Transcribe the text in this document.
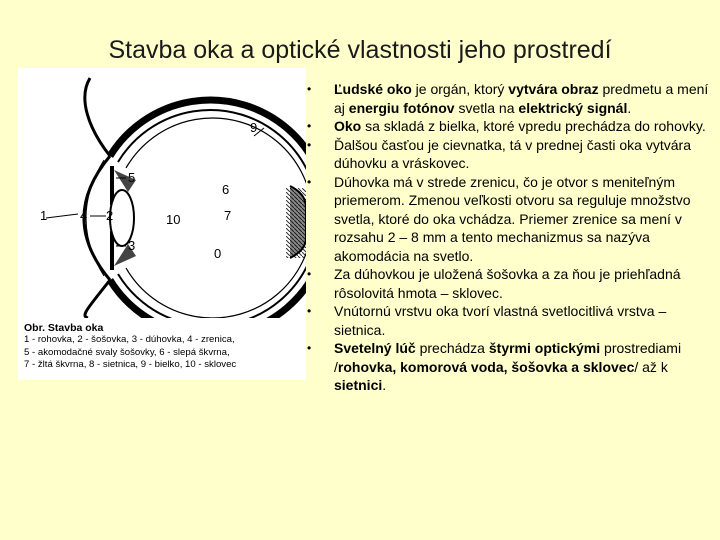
Stavba oka a optické vlastnosti jeho prostredí
1	4 2
5
3
10
6
7
0
9
Obr. Stavba oka
1 - rohovka, 2 - šošovka, 3 - dúhovka, 4 - zrenica,
5 - akomodačné svaly šošovky, 6 - slepá škvrna,
7 - žltá škvrna, 8 - sietnica, 9 - bielko, 10 - sklovec
• Ľudské oko je orgán, ktorý vytvára obraz predmetu a mení aj energiu fotónov svetla na elektrický signál.
• Oko sa skladá z bielka, ktoré vpredu prechádza do rohovky.
• Ďalšou časťou je cievnatka, tá v prednej časti oka vytvára dúhovku a vráskovec.
• Dúhovka má v strede zrenicu, čo je otvor s meniteľným priemerom. Zmenou veľkosti otvoru sa reguluje množstvo svetla, ktoré do oka vchádza. Priemer zrenice sa mení v rozsahu 2 – 8 mm a tento mechanizmus sa nazýva akomodácia na svetlo.
• Za dúhovkou je uložená šošovka a za ňou je priehľadná rôsolovitá hmota – sklovec.
• Vnútornú vrstvu oka tvorí vlastná svetlocitlivá vrstva – sietnica.
• Svetelný lúč prechádza štyrmi optickými prostrediami /rohovka, komorová voda, šošovka a sklovec/ až k sietnici.
